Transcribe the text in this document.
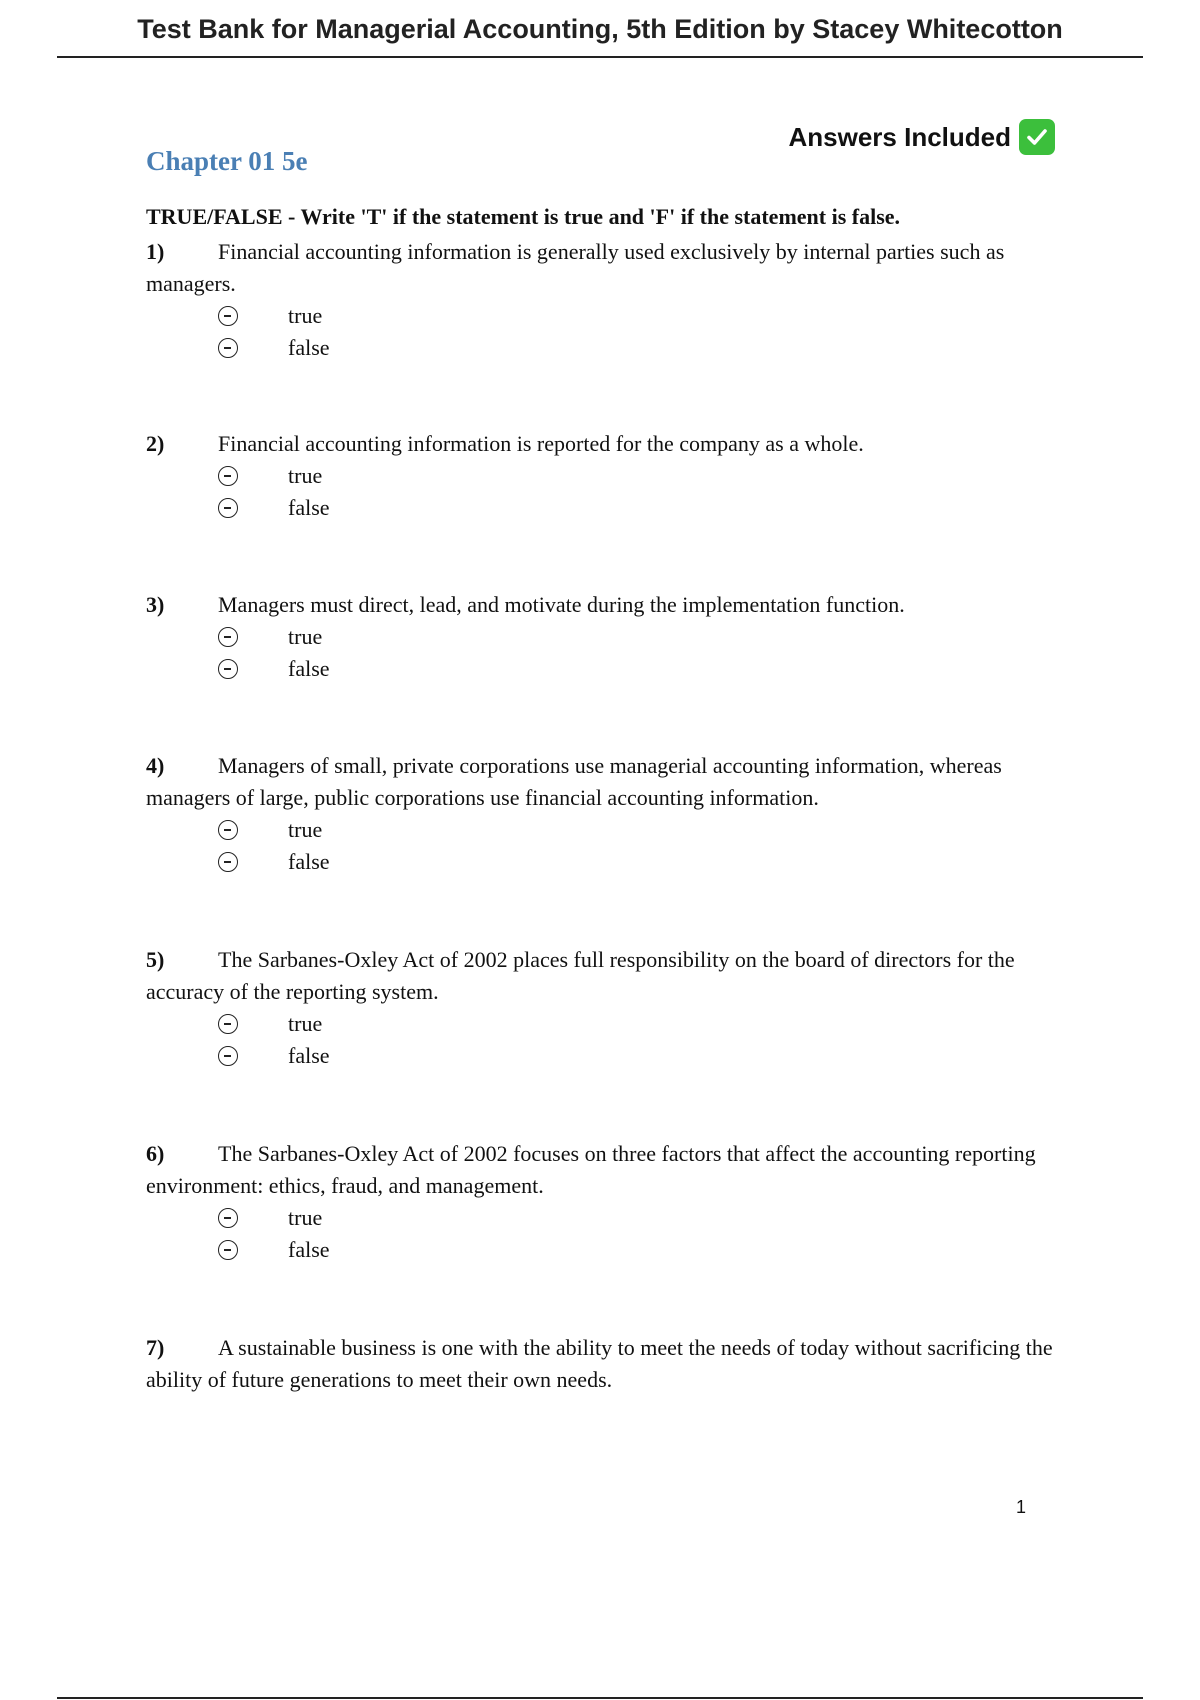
Test Bank for Managerial Accounting, 5th Edition by Stacey Whitecotton
Answers Included
Chapter 01 5e
TRUE/FALSE - Write 'T' if the statement is true and 'F' if the statement is false.

1) Financial accounting information is generally used exclusively by internal parties such as managers.

true
false

2) Financial accounting information is reported for the company as a whole.

true
false

3) Managers must direct, lead, and motivate during the implementation function.

true
false

4) Managers of small, private corporations use managerial accounting information, whereas managers of large, public corporations use financial accounting information.

true
false

5) The Sarbanes-Oxley Act of 2002 places full responsibility on the board of directors for the accuracy of the reporting system.

true
false

6) The Sarbanes-Oxley Act of 2002 focuses on three factors that affect the accounting reporting environment: ethics, fraud, and management.

true
false

7) A sustainable business is one with the ability to meet the needs of today without sacrificing the ability of future generations to meet their own needs.

1
